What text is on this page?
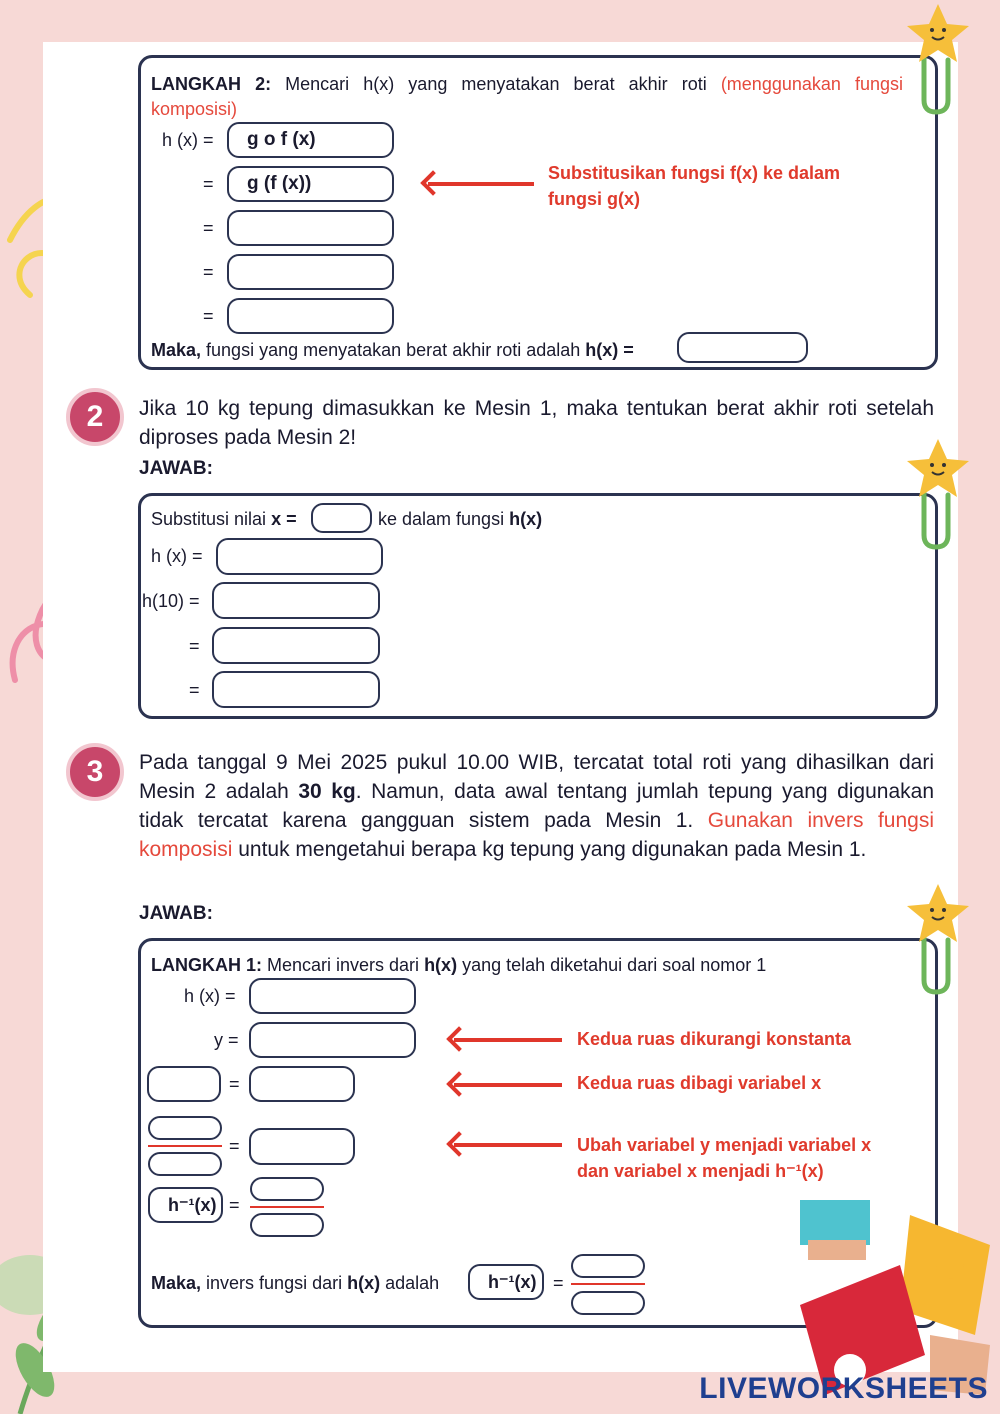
LANGKAH 2: Mencari h(x) yang menyatakan berat akhir roti (menggunakan fungsi komposisi)
h (x) =	g o f (x)
=	g (f (x))
=
=
=
Substitusikan fungsi f(x) ke dalam fungsi g(x)
Maka, fungsi yang menyatakan berat akhir roti adalah h(x) =
2	Jika 10 kg tepung dimasukkan ke Mesin 1, maka tentukan berat akhir roti setelah diproses pada Mesin 2!
JAWAB:
Substitusi nilai x =	ke dalam fungsi h(x)
h (x) =
h(10) =
=
=
3	Pada tanggal 9 Mei 2025 pukul 10.00 WIB, tercatat total roti yang dihasilkan dari Mesin 2 adalah 30 kg. Namun, data awal tentang jumlah tepung yang digunakan tidak tercatat karena gangguan sistem pada Mesin 1. Gunakan invers fungsi komposisi untuk mengetahui berapa kg tepung yang digunakan pada Mesin 1.
JAWAB:
LANGKAH 1: Mencari invers dari h(x) yang telah diketahui dari soal nomor 1
h (x) =
y =
=
=
h⁻¹(x) =
Kedua ruas dikurangi konstanta
Kedua ruas dibagi variabel x
Ubah variabel y menjadi variabel x dan variabel x menjadi h⁻¹(x)
Maka, invers fungsi dari h(x) adalah	h⁻¹(x) =
LIVEWORKSHEETS
